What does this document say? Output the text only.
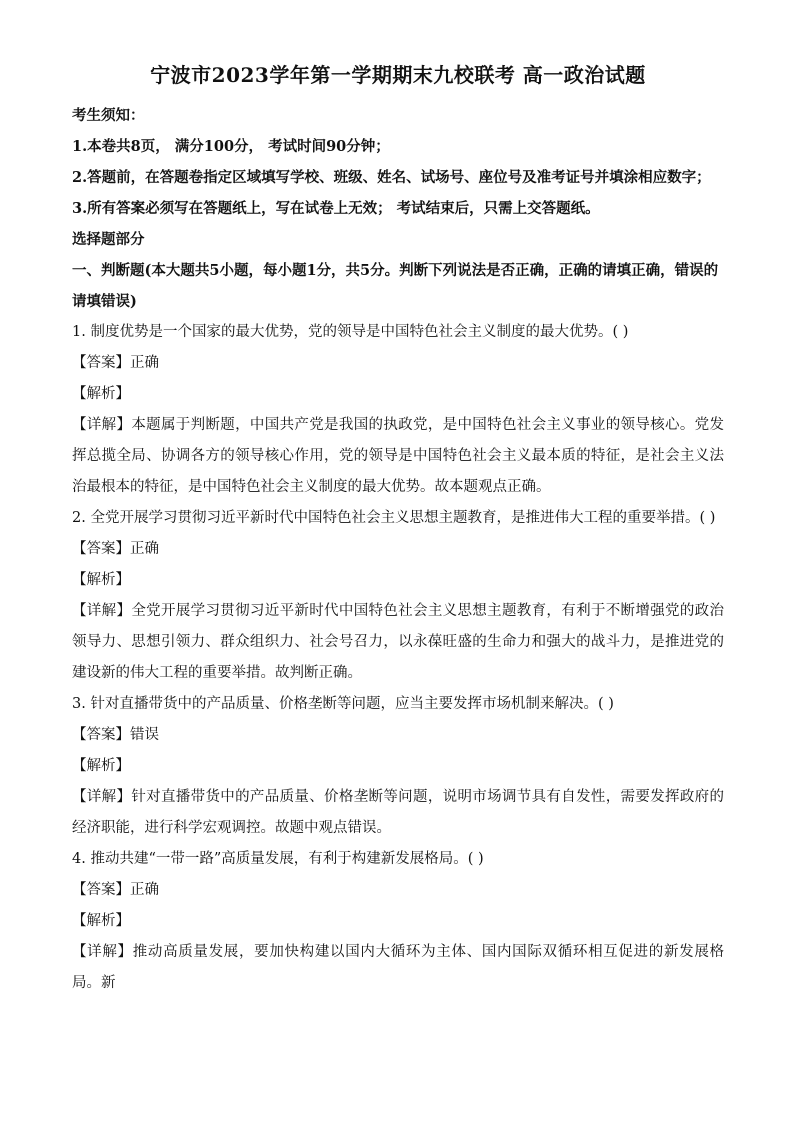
宁波市2023学年第一学期期末九校联考 高一政治试题

考生须知：

1.本卷共8页， 满分100分， 考试时间90分钟；

2.答题前，在答题卷指定区域填写学校、班级、姓名、试场号、座位号及准考证号并填涂相应数字；

3.所有答案必须写在答题纸上，写在试卷上无效； 考试结束后，只需上交答题纸。

选择题部分

一、判断题(本大题共5小题，每小题1分，共5分。判断下列说法是否正确，正确的请填正确，错误的请填错误)

1. 制度优势是一个国家的最大优势，党的领导是中国特色社会主义制度的最大优势。( )

【答案】正确

【解析】

【详解】本题属于判断题，中国共产党是我国的执政党，是中国特色社会主义事业的领导核心。党发挥总揽全局、协调各方的领导核心作用，党的领导是中国特色社会主义最本质的特征，是社会主义法治最根本的特征，是中国特色社会主义制度的最大优势。故本题观点正确。

2. 全党开展学习贯彻习近平新时代中国特色社会主义思想主题教育，是推进伟大工程的重要举措。( )

【答案】正确

【解析】

【详解】全党开展学习贯彻习近平新时代中国特色社会主义思想主题教育，有利于不断增强党的政治领导力、思想引领力、群众组织力、社会号召力，以永葆旺盛的生命力和强大的战斗力，是推进党的建设新的伟大工程的重要举措。故判断正确。

3. 针对直播带货中的产品质量、价格垄断等问题，应当主要发挥市场机制来解决。( )

【答案】错误

【解析】

【详解】针对直播带货中的产品质量、价格垄断等问题，说明市场调节具有自发性，需要发挥政府的经济职能，进行科学宏观调控。故题中观点错误。

4. 推动共建“一带一路”高质量发展，有利于构建新发展格局。( )

【答案】正确

【解析】

【详解】推动高质量发展，要加快构建以国内大循环为主体、国内国际双循环相互促进的新发展格局。新
